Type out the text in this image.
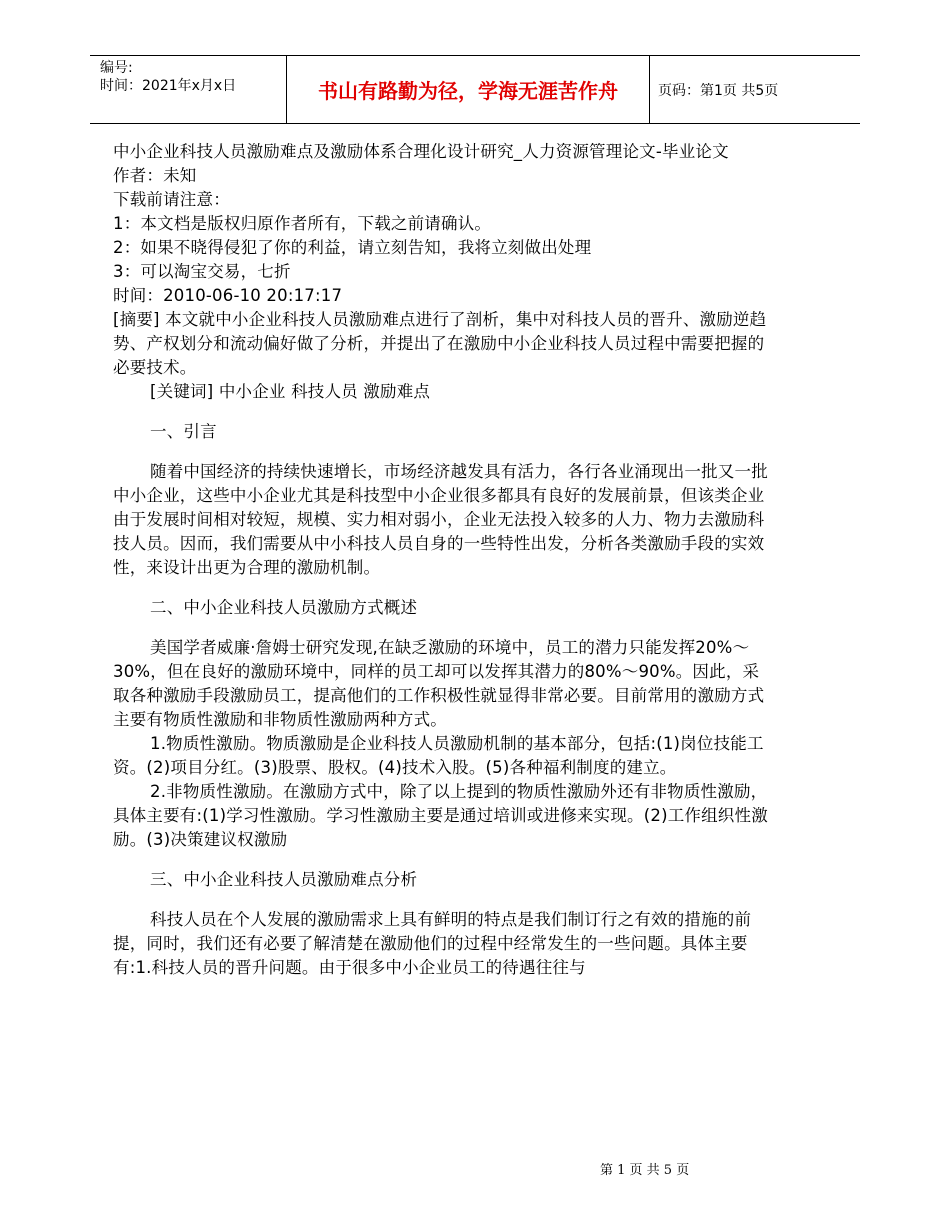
编号:
时间：2021年x月x日	书山有路勤为径，学海无涯苦作舟	页码：第1页 共5页

中小企业科技人员激励难点及激励体系合理化设计研究_人力资源管理论文-毕业论文

作者：未知

下载前请注意：

1：本文档是版权归原作者所有，下载之前请确认。

2：如果不晓得侵犯了你的利益，请立刻告知，我将立刻做出处理

3：可以淘宝交易，七折

时间：2010-06-10 20:17:17

[摘要] 本文就中小企业科技人员激励难点进行了剖析，集中对科技人员的晋升、激励逆趋势、产权划分和流动偏好做了分析，并提出了在激励中小企业科技人员过程中需要把握的必要技术。

[关键词] 中小企业 科技人员 激励难点

一、引言

随着中国经济的持续快速增长，市场经济越发具有活力，各行各业涌现出一批又一批中小企业，这些中小企业尤其是科技型中小企业很多都具有良好的发展前景，但该类企业由于发展时间相对较短，规模、实力相对弱小，企业无法投入较多的人力、物力去激励科技人员。因而，我们需要从中小科技人员自身的一些特性出发，分析各类激励手段的实效性，来设计出更为合理的激励机制。

二、中小企业科技人员激励方式概述

美国学者威廉·詹姆士研究发现,在缺乏激励的环境中，员工的潜力只能发挥20%～30%，但在良好的激励环境中，同样的员工却可以发挥其潜力的80%～90%。因此，采取各种激励手段激励员工，提高他们的工作积极性就显得非常必要。目前常用的激励方式主要有物质性激励和非物质性激励两种方式。

1.物质性激励。物质激励是企业科技人员激励机制的基本部分，包括:(1)岗位技能工资。(2)项目分红。(3)股票、股权。(4)技术入股。(5)各种福利制度的建立。

2.非物质性激励。在激励方式中，除了以上提到的物质性激励外还有非物质性激励，具体主要有:(1)学习性激励。学习性激励主要是通过培训或进修来实现。(2)工作组织性激励。(3)决策建议权激励

三、中小企业科技人员激励难点分析

科技人员在个人发展的激励需求上具有鲜明的特点是我们制订行之有效的措施的前提，同时，我们还有必要了解清楚在激励他们的过程中经常发生的一些问题。具体主要有:1.科技人员的晋升问题。由于很多中小企业员工的待遇往往与

第 1 页 共 5 页
